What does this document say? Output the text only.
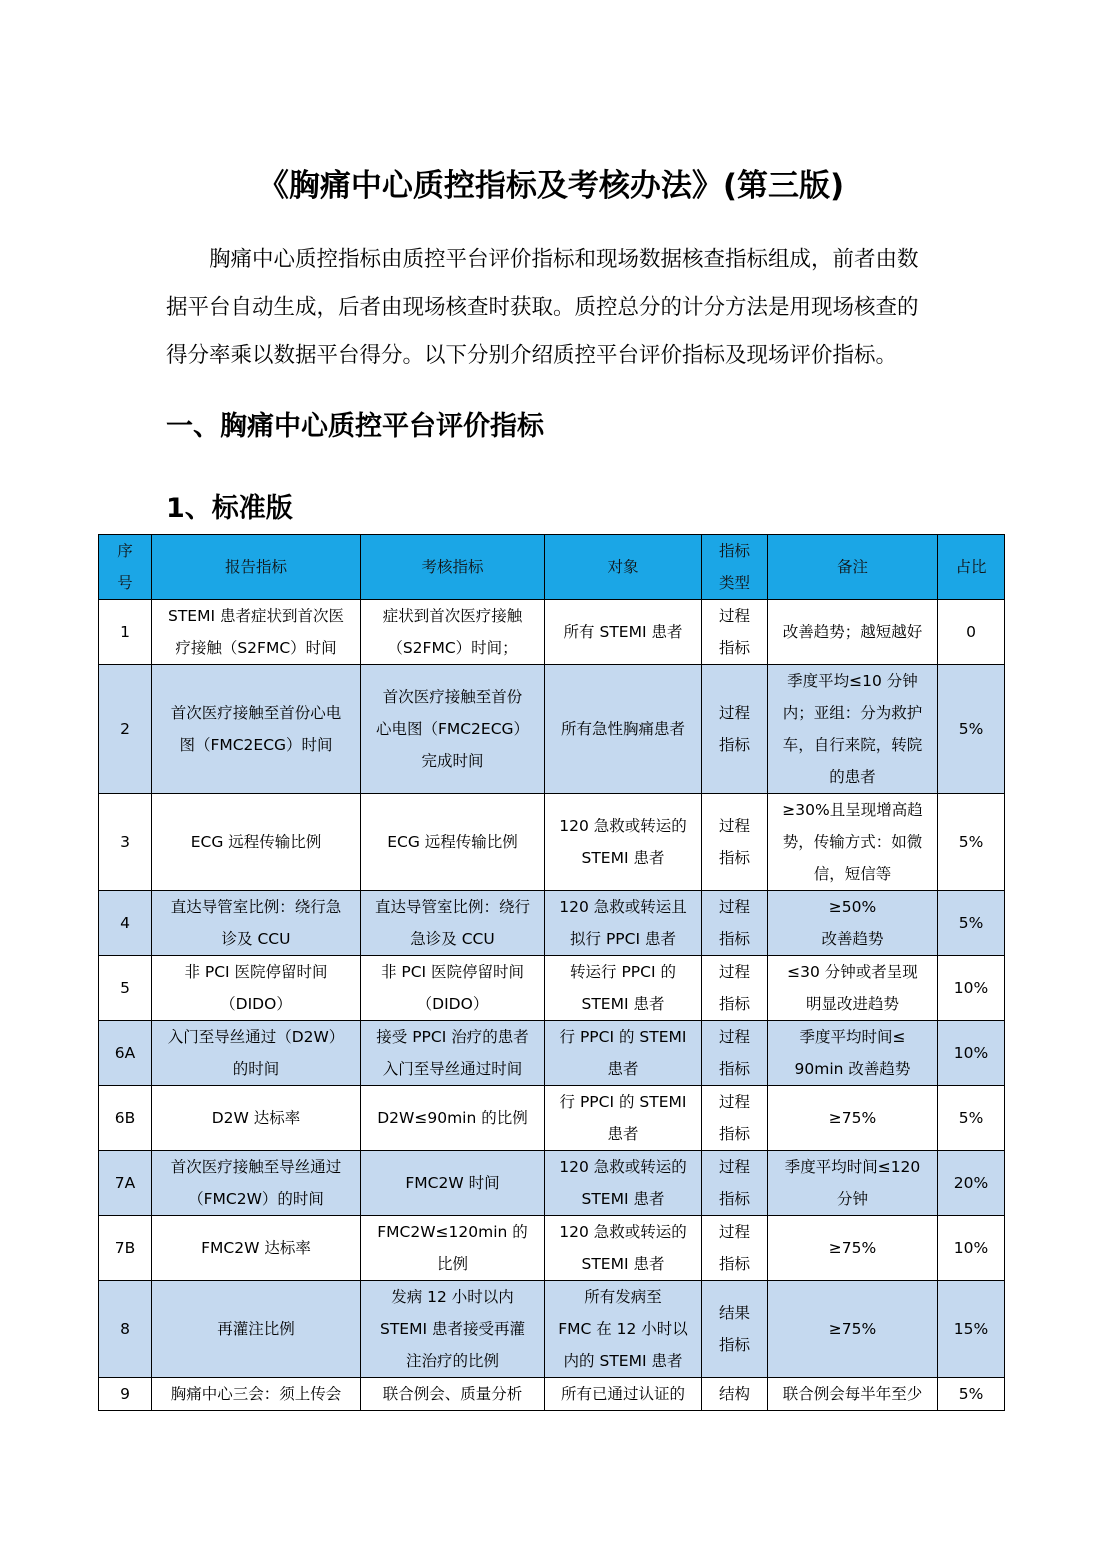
《胸痛中心质控指标及考核办法》(第三版)
胸痛中心质控指标由质控平台评价指标和现场数据核查指标组成，前者由数
据平台自动生成，后者由现场核查时获取。质控总分的计分方法是用现场核查的
得分率乘以数据平台得分。以下分别介绍质控平台评价指标及现场评价指标。
一、胸痛中心质控平台评价指标
1、标准版
序
号	报告指标	考核指标	对象	指标
类型	备注	占比

1	STEMI 患者症状到首次医
疗接触（S2FMC）时间	症状到首次医疗接触
（S2FMC）时间；	所有 STEMI 患者	过程
指标	改善趋势；越短越好	0

2	首次医疗接触至首份心电
图（FMC2ECG）时间	首次医疗接触至首份
心电图（FMC2ECG）
完成时间	所有急性胸痛患者	过程
指标	季度平均≤10 分钟
内；亚组：分为救护
车，自行来院，转院
的患者	5%

3	ECG 远程传输比例	ECG 远程传输比例	120 急救或转运的
STEMI 患者	过程
指标	≥30%且呈现增高趋
势，传输方式：如微
信，短信等	5%

4	直达导管室比例：绕行急
诊及 CCU	直达导管室比例：绕行
急诊及 CCU	120 急救或转运且
拟行 PPCI 患者	过程
指标	≥50%
改善趋势	5%

5	非 PCI 医院停留时间
（DIDO）	非 PCI 医院停留时间
（DIDO）	转运行 PPCI 的
STEMI 患者	过程
指标	≤30 分钟或者呈现
明显改进趋势	10%

6A	入门至导丝通过（D2W）
的时间	接受 PPCI 治疗的患者
入门至导丝通过时间	行 PPCI 的 STEMI
患者	过程
指标	季度平均时间≤
90min 改善趋势	10%

6B	D2W 达标率	D2W≤90min 的比例	行 PPCI 的 STEMI
患者	过程
指标	≥75%	5%

7A	首次医疗接触至导丝通过
（FMC2W）的时间	FMC2W 时间	120 急救或转运的
STEMI 患者	过程
指标	季度平均时间≤120
分钟	20%

7B	FMC2W 达标率	FMC2W≤120min 的
比例	120 急救或转运的
STEMI 患者	过程
指标	≥75%	10%

8	再灌注比例	发病 12 小时以内
STEMI 患者接受再灌
注治疗的比例	所有发病至
FMC 在 12 小时以
内的 STEMI 患者	结果
指标	≥75%	15%

9	胸痛中心三会：须上传会	联合例会、质量分析	所有已通过认证的	结构	联合例会每半年至少	5%
